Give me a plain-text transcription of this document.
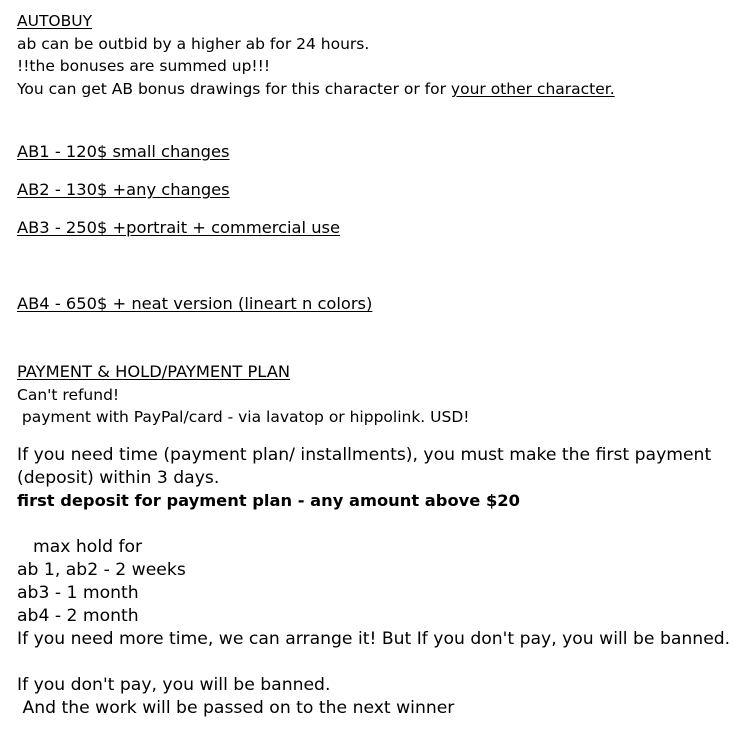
AUTOBUY
ab can be outbid by a higher ab for 24 hours.
!!the bonuses are summed up!!!
You can get AB bonus drawings for this character or for your other character.
AB1 - 120$ small changes
AB2 - 130$ +any changes
AB3 - 250$ +portrait + commercial use
AB4 - 650$ + neat version (lineart n colors)
PAYMENT & HOLD/PAYMENT PLAN
Can't refund!
payment with PayPal/card - via lavatop or hippolink. USD!
If you need time (payment plan/ installments), you must make the first payment
(deposit) within 3 days.
first deposit for payment plan - any amount above $20
max hold for
ab 1, ab2 - 2 weeks
ab3 - 1 month
ab4 - 2 month
If you need more time, we can arrange it! But If you don't pay, you will be banned.
If you don't pay, you will be banned.
And the work will be passed on to the next winner
